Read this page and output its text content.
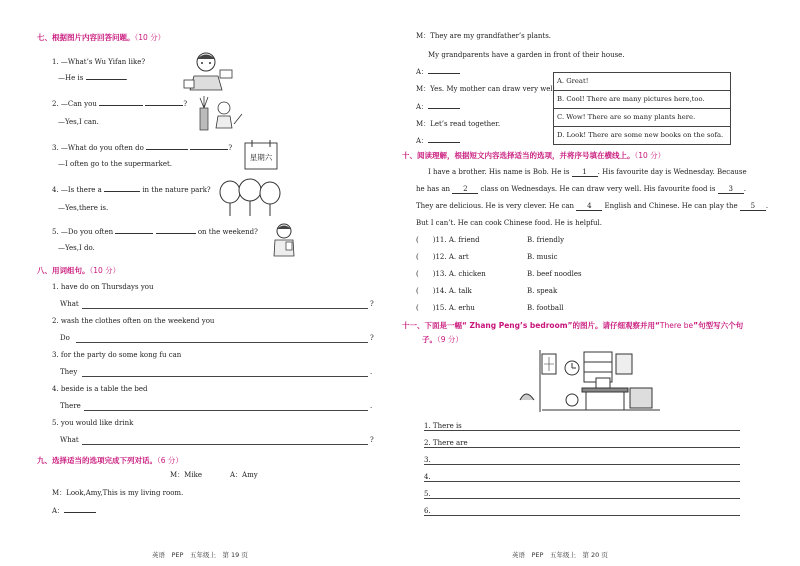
七、根据图片内容回答问题。（10 分）
1. —What’s Wu Yifan like?
—He is	.
2. —Can you	?
—Yes,I can.
3. —What do you often do	?
—I often go to the supermarket.
4. —Is there a	in the nature park?
—Yes,there is.
5. —Do you often	on the weekend?
—Yes,I do.
星期六
八、用词组句。（10 分）
1. have do on Thursdays you
What	?
2. wash the clothes often on the weekend you
Do	?
3. for the party do some kong fu can
They	.
4. beside is a table the bed
There	.
5. you would like drink
What	?
九、选择适当的选项完成下列对话。（6 分）
M：Mike	A：Amy
M：Look,Amy,This is my living room.
A：
英语　PEP　五年级上　第 19 页
M：They are my grandfather’s plants.
My grandparents have a garden in front of their house.
A：
M：Yes. My mother can draw very well.
A：
M：Let’s read together.
A：
A. Great!
B. Cool! There are many pictures here,too.
C. Wow! There are so many plants here.
D. Look! There are some new books on the sofa.
十、阅读理解，根据短文内容选择适当的选项，并将序号填在横线上。（10 分）
I have a brother. His name is Bob. He is 1 . His favourite day is Wednesday. Because
he has an 2 class on Wednesdays. He can draw very well. His favourite food is 3 .
They are delicious. He is very clever. He can 4 English and Chinese. He can play the 5 .
But I can’t. He can cook Chinese food. He is helpful.
(　　)11. A. friend	B. friendly
(　　)12. A. art	B. music
(　　)13. A. chicken	B. beef noodles
(　　)14. A. talk	B. speak
(　　)15. A. erhu	B. football
十一、下面是一幅“ Zhang Peng’s bedroom”的图片。请仔细观察并用“There be”句型写六个句
子。（9 分）
1. There is
2. There are
3.
4.
5.
6.
英语　PEP　五年级上　第 20 页
